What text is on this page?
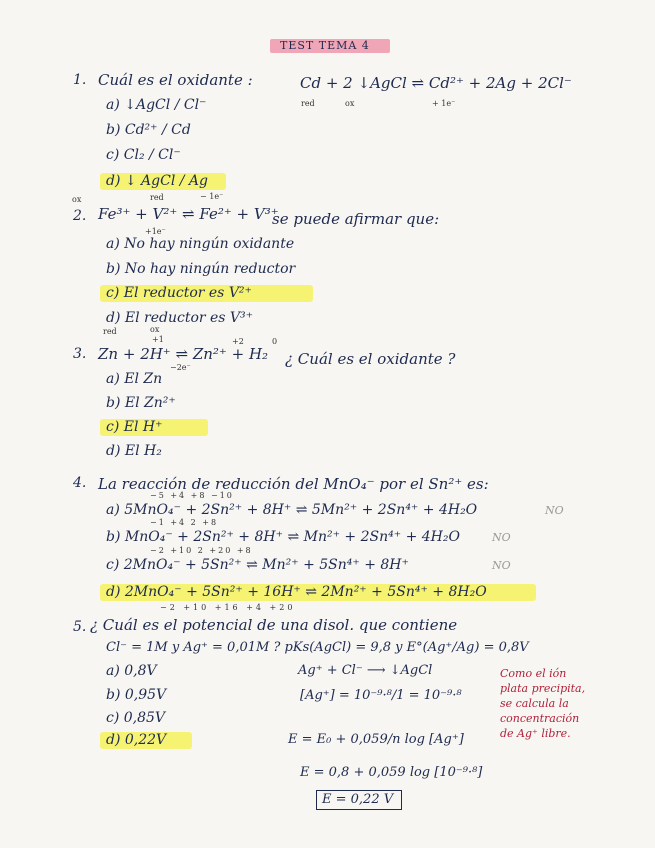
TEST TEMA 4
1. Cuál es el oxidante :	Cd + 2 ↓AgCl ⇌ Cd²⁺ + 2Ag + 2Cl⁻
red	ox	+ 1e⁻
a) ↓AgCl / Cl⁻
b) Cd²⁺ / Cd
c) Cl₂ / Cl⁻
d) ↓ AgCl / Ag
ox	red	− 1e⁻
2. Fe³⁺ + V²⁺ ⇌ Fe²⁺ + V³⁺
se puede afirmar que:
+1e⁻
a) No hay ningún oxidante
b) No hay ningún reductor
c) El reductor es V²⁺
d) El reductor es V³⁺
red	ox
+1	+2	0
3. Zn + 2H⁺ ⇌ Zn²⁺ + H₂ ¿ Cuál es el oxidante ?
−2e⁻
a) El Zn
b) El Zn²⁺
c) El H⁺
d) El H₂
4. La reacción de reducción del MnO₄⁻ por el Sn²⁺ es:
−5 +4 +8 −10
a) 5MnO₄⁻ + 2Sn²⁺ + 8H⁺ ⇌ 5Mn²⁺ + 2Sn⁴⁺ + 4H₂O	NO
−1 +4 2 +8
b) MnO₄⁻ + 2Sn²⁺ + 8H⁺ ⇌ Mn²⁺ + 2Sn⁴⁺ + 4H₂O	NO
−2 +10 2 +20 +8
c) 2MnO₄⁻ + 5Sn²⁺ ⇌ Mn²⁺ + 5Sn⁴⁺ + 8H⁺	NO
d) 2MnO₄⁻ + 5Sn²⁺ + 16H⁺ ⇌ 2Mn²⁺ + 5Sn⁴⁺ + 8H₂O
−2 +10 +16 +4 +20
5. ¿ Cuál es el potencial de una disol. que contiene
Cl⁻ = 1M y Ag⁺ = 0,01M ? pKs(AgCl) = 9,8 y E°(Ag⁺/Ag) = 0,8V
a) 0,8V
b) 0,95V
c) 0,85V
d) 0,22V
Ag⁺ + Cl⁻ ⟶ ↓AgCl
[Ag⁺] = 10⁻⁹·⁸/1 = 10⁻⁹·⁸
E = E₀ + 0,059/n log [Ag⁺]
E = 0,8 + 0,059 log [10⁻⁹·⁸]
E = 0,22 V
Como el ión
plata precipita,
se calcula la
concentración
de Ag⁺ libre.
